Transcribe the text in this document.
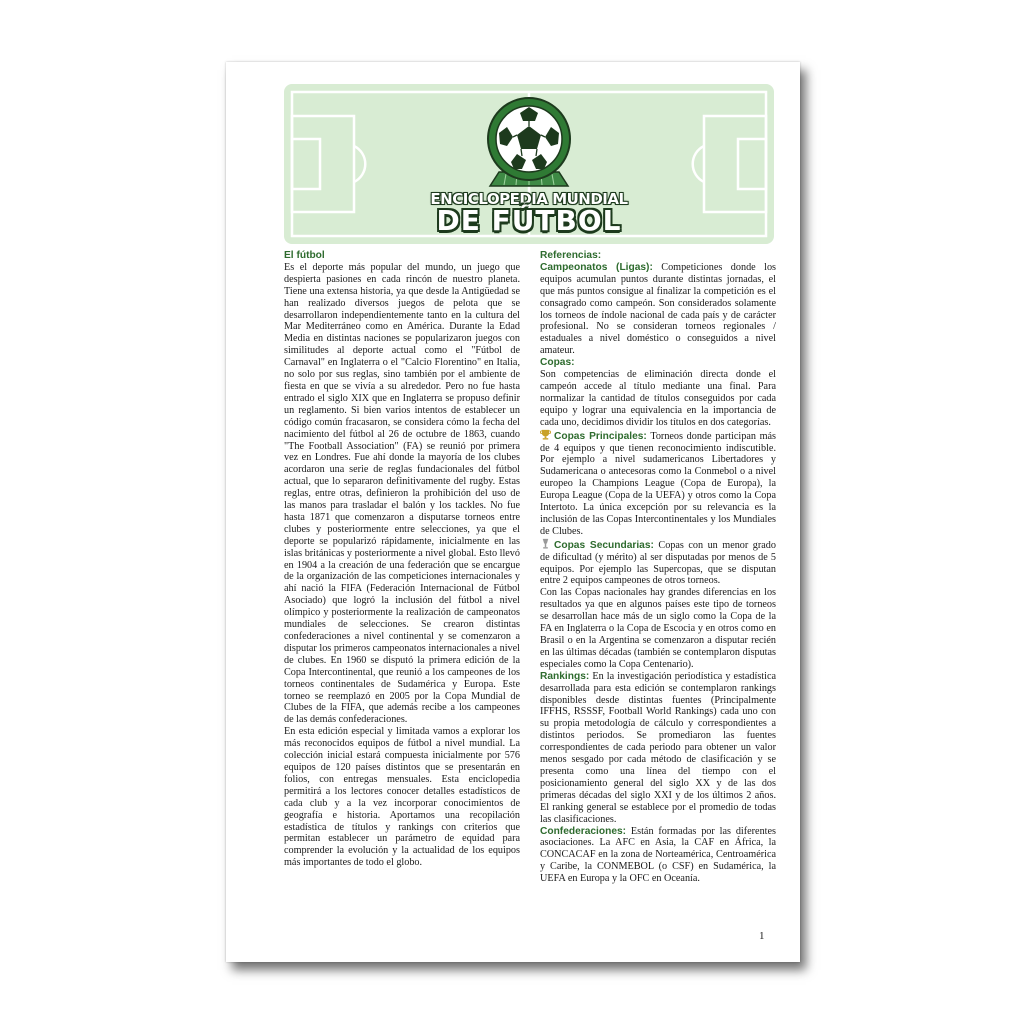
ENCICLOPEDIA MUNDIAL
DE FÚTBOL
El fútbol

Es el deporte más popular del mundo, un juego que despierta pasiones en cada rincón de nuestro planeta. Tiene una extensa historia, ya que desde la Antigüedad se han realizado diversos juegos de pelota que se desarrollaron independientemente tanto en la cultura del Mar Mediterráneo como en América. Durante la Edad Media en distintas naciones se popularizaron juegos con similitudes al deporte actual como el "Fútbol de Carnaval" en Inglaterra o el "Calcio Florentino" en Italia, no solo por sus reglas, sino también por el ambiente de fiesta en que se vivía a su alrededor. Pero no fue hasta entrado el siglo XIX que en Inglaterra se propuso definir un reglamento. Si bien varios intentos de establecer un código común fracasaron, se considera cómo la fecha del nacimiento del fútbol al 26 de octubre de 1863, cuando "The Football Association" (FA) se reunió por primera vez en Londres. Fue ahí donde la mayoría de los clubes acordaron una serie de reglas fundacionales del fútbol actual, que lo separaron definitivamente del rugby. Estas reglas, entre otras, definieron la prohibición del uso de las manos para trasladar el balón y los tackles. No fue hasta 1871 que comenzaron a disputarse torneos entre clubes y posteriormente entre selecciones, ya que el deporte se popularizó rápidamente, inicialmente en las islas británicas y posteriormente a nivel global. Esto llevó en 1904 a la creación de una federación que se encargue de la organización de las competiciones internacionales y ahí nació la FIFA (Federación Internacional de Fútbol Asociado) que logró la inclusión del fútbol a nivel olímpico y posteriormente la realización de campeonatos mundiales de selecciones. Se crearon distintas confederaciones a nivel continental y se comenzaron a disputar los primeros campeonatos internacionales a nivel de clubes. En 1960 se disputó la primera edición de la Copa Intercontinental, que reunió a los campeones de los torneos continentales de Sudamérica y Europa. Este torneo se reemplazó en 2005 por la Copa Mundial de Clubes de la FIFA, que además recibe a los campeones de las demás confederaciones.

En esta edición especial y limitada vamos a explorar los más reconocidos equipos de fútbol a nivel mundial. La colección inicial estará compuesta inicialmente por 576 equipos de 120 países distintos que se presentarán en folios, con entregas mensuales. Esta enciclopedia permitirá a los lectores conocer detalles estadísticos de cada club y a la vez incorporar conocimientos de geografía e historia. Aportamos una recopilación estadística de títulos y rankings con criterios que permitan establecer un parámetro de equidad para comprender la evolución y la actualidad de los equipos más importantes de todo el globo.

Referencias:

Campeonatos (Ligas): Competiciones donde los equipos acumulan puntos durante distintas jornadas, el que más puntos consigue al finalizar la competición es el consagrado como campeón. Son considerados solamente los torneos de índole nacional de cada país y de carácter profesional. No se consideran torneos regionales / estaduales a nivel doméstico o conseguidos a nivel amateur.

Copas:

Son competencias de eliminación directa donde el campeón accede al título mediante una final. Para normalizar la cantidad de títulos conseguidos por cada equipo y lograr una equivalencia en la importancia de cada uno, decidimos dividir los títulos en dos categorías.

Copas Principales: Torneos donde participan más de 4 equipos y que tienen reconocimiento indiscutible. Por ejemplo a nivel sudamericanos Libertadores y Sudamericana o antecesoras como la Conmebol o a nivel europeo la Champions League (Copa de Europa), la Europa League (Copa de la UEFA) y otros como la Copa Intertoto. La única excepción por su relevancia es la inclusión de las Copas Intercontinentales y los Mundiales de Clubes.

Copas Secundarias: Copas con un menor grado de dificultad (y mérito) al ser disputadas por menos de 5 equipos. Por ejemplo las Supercopas, que se disputan entre 2 equipos campeones de otros torneos.

Con las Copas nacionales hay grandes diferencias en los resultados ya que en algunos países este tipo de torneos se desarrollan hace más de un siglo como la Copa de la FA en Inglaterra o la Copa de Escocia y en otros como en Brasil o en la Argentina se comenzaron a disputar recién en las últimas décadas (también se contemplaron disputas especiales como la Copa Centenario).

Rankings: En la investigación periodística y estadística desarrollada para esta edición se contemplaron rankings disponibles desde distintas fuentes (Principalmente IFFHS, RSSSF, Football World Rankings) cada uno con su propia metodología de cálculo y correspondientes a distintos periodos. Se promediaron las fuentes correspondientes de cada periodo para obtener un valor menos sesgado por cada método de clasificación y se presenta como una línea del tiempo con el posicionamiento general del siglo XX y de las dos primeras décadas del siglo XXI y de los últimos 2 años. El ranking general se establece por el promedio de todas las clasificaciones.

Confederaciones: Están formadas por las diferentes asociaciones. La AFC en Asia, la CAF en África, la CONCACAF en la zona de Norteamérica, Centroamérica y Caribe, la CONMEBOL (o CSF) en Sudamérica, la UEFA en Europa y la OFC en Oceanía.

1
